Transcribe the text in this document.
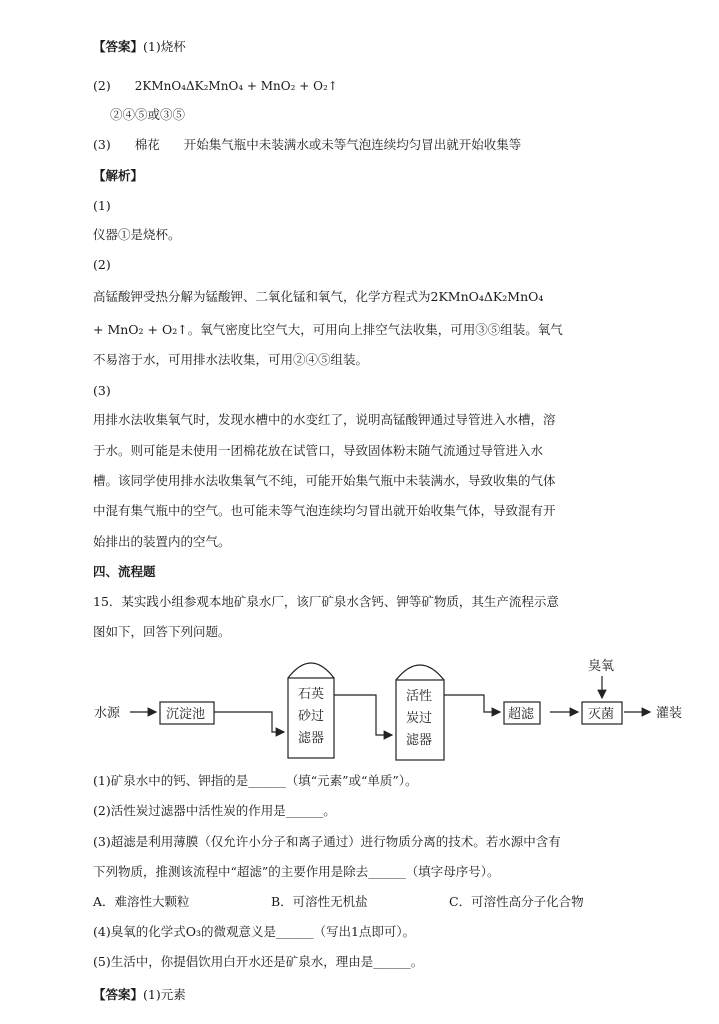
【答案】(1)烧杯
(2) 2KMnO₄ΔK₂MnO₄ + MnO₂ + O₂↑
②④⑤或③⑤
(3) 棉花 开始集气瓶中未装满水或未等气泡连续均匀冒出就开始收集等
【解析】
(1)
仪器①是烧杯。
(2)
高锰酸钾受热分解为锰酸钾、二氧化锰和氧气，化学方程式为2KMnO₄ΔK₂MnO₄
+ MnO₂ + O₂↑。氧气密度比空气大，可用向上排空气法收集，可用③⑤组装。氧气
不易溶于水，可用排水法收集，可用②④⑤组装。
(3)
用排水法收集氧气时，发现水槽中的水变红了，说明高锰酸钾通过导管进入水槽，溶
于水。则可能是未使用一团棉花放在试管口，导致固体粉末随气流通过导管进入水
槽。该同学使用排水法收集氧气不纯，可能开始集气瓶中未装满水，导致收集的气体
中混有集气瓶中的空气。也可能未等气泡连续均匀冒出就开始收集气体，导致混有开
始排出的装置内的空气。
四、流程题
15．某实践小组参观本地矿泉水厂，该厂矿泉水含钙、钾等矿物质，其生产流程示意
图如下，回答下列问题。
水源	沉淀池
石英
砂过
滤器
活性
炭过
滤器
超滤
臭氧
灭菌	灌装
(1)矿泉水中的钙、钾指的是______（填“元素”或“单质”）。
(2)活性炭过滤器中活性炭的作用是______。
(3)超滤是利用薄膜（仅允许小分子和离子通过）进行物质分离的技术。若水源中含有
下列物质，推测该流程中“超滤”的主要作用是除去______（填字母序号）。
A．难溶性大颗粒	B．可溶性无机盐	C．可溶性高分子化合物
(4)臭氧的化学式O₃的微观意义是______（写出1点即可）。
(5)生活中，你提倡饮用白开水还是矿泉水，理由是______。
【答案】(1)元素
